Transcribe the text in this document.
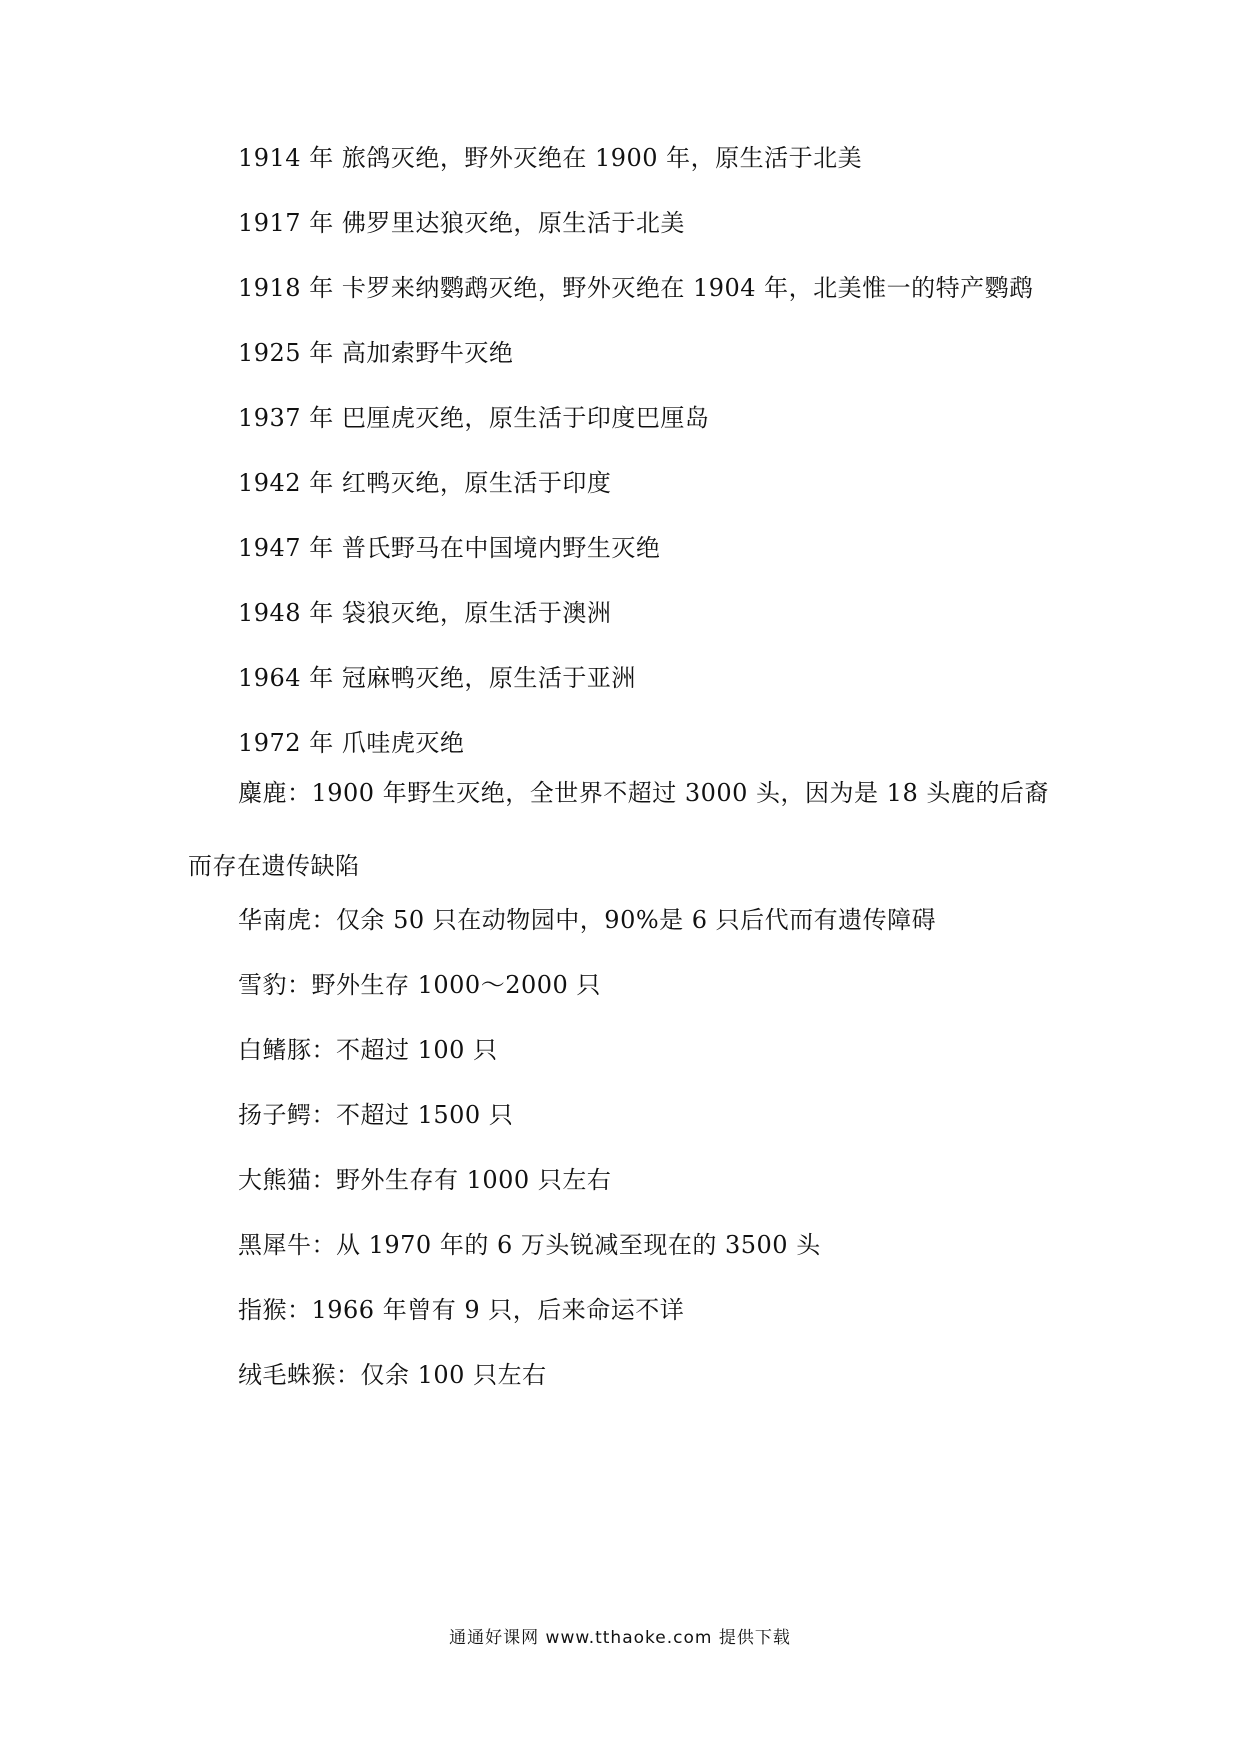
1914 年 旅鸽灭绝，野外灭绝在 1900 年，原生活于北美
1917 年 佛罗里达狼灭绝，原生活于北美
1918 年 卡罗来纳鹦鹉灭绝，野外灭绝在 1904 年，北美惟一的特产鹦鹉
1925 年 高加索野牛灭绝
1937 年 巴厘虎灭绝，原生活于印度巴厘岛
1942 年 红鸭灭绝，原生活于印度
1947 年 普氏野马在中国境内野生灭绝
1948 年 袋狼灭绝，原生活于澳洲
1964 年 冠麻鸭灭绝，原生活于亚洲
1972 年 爪哇虎灭绝
麋鹿：1900 年野生灭绝，全世界不超过 3000 头，因为是 18 头鹿的后裔而存在遗传缺陷
华南虎：仅余 50 只在动物园中，90%是 6 只后代而有遗传障碍
雪豹：野外生存 1000～2000 只
白鳍豚：不超过 100 只
扬子鳄：不超过 1500 只
大熊猫：野外生存有 1000 只左右
黑犀牛：从 1970 年的 6 万头锐减至现在的 3500 头
指猴：1966 年曾有 9 只，后来命运不详
绒毛蛛猴：仅余 100 只左右
通通好课网 www.tthaoke.com 提供下载
